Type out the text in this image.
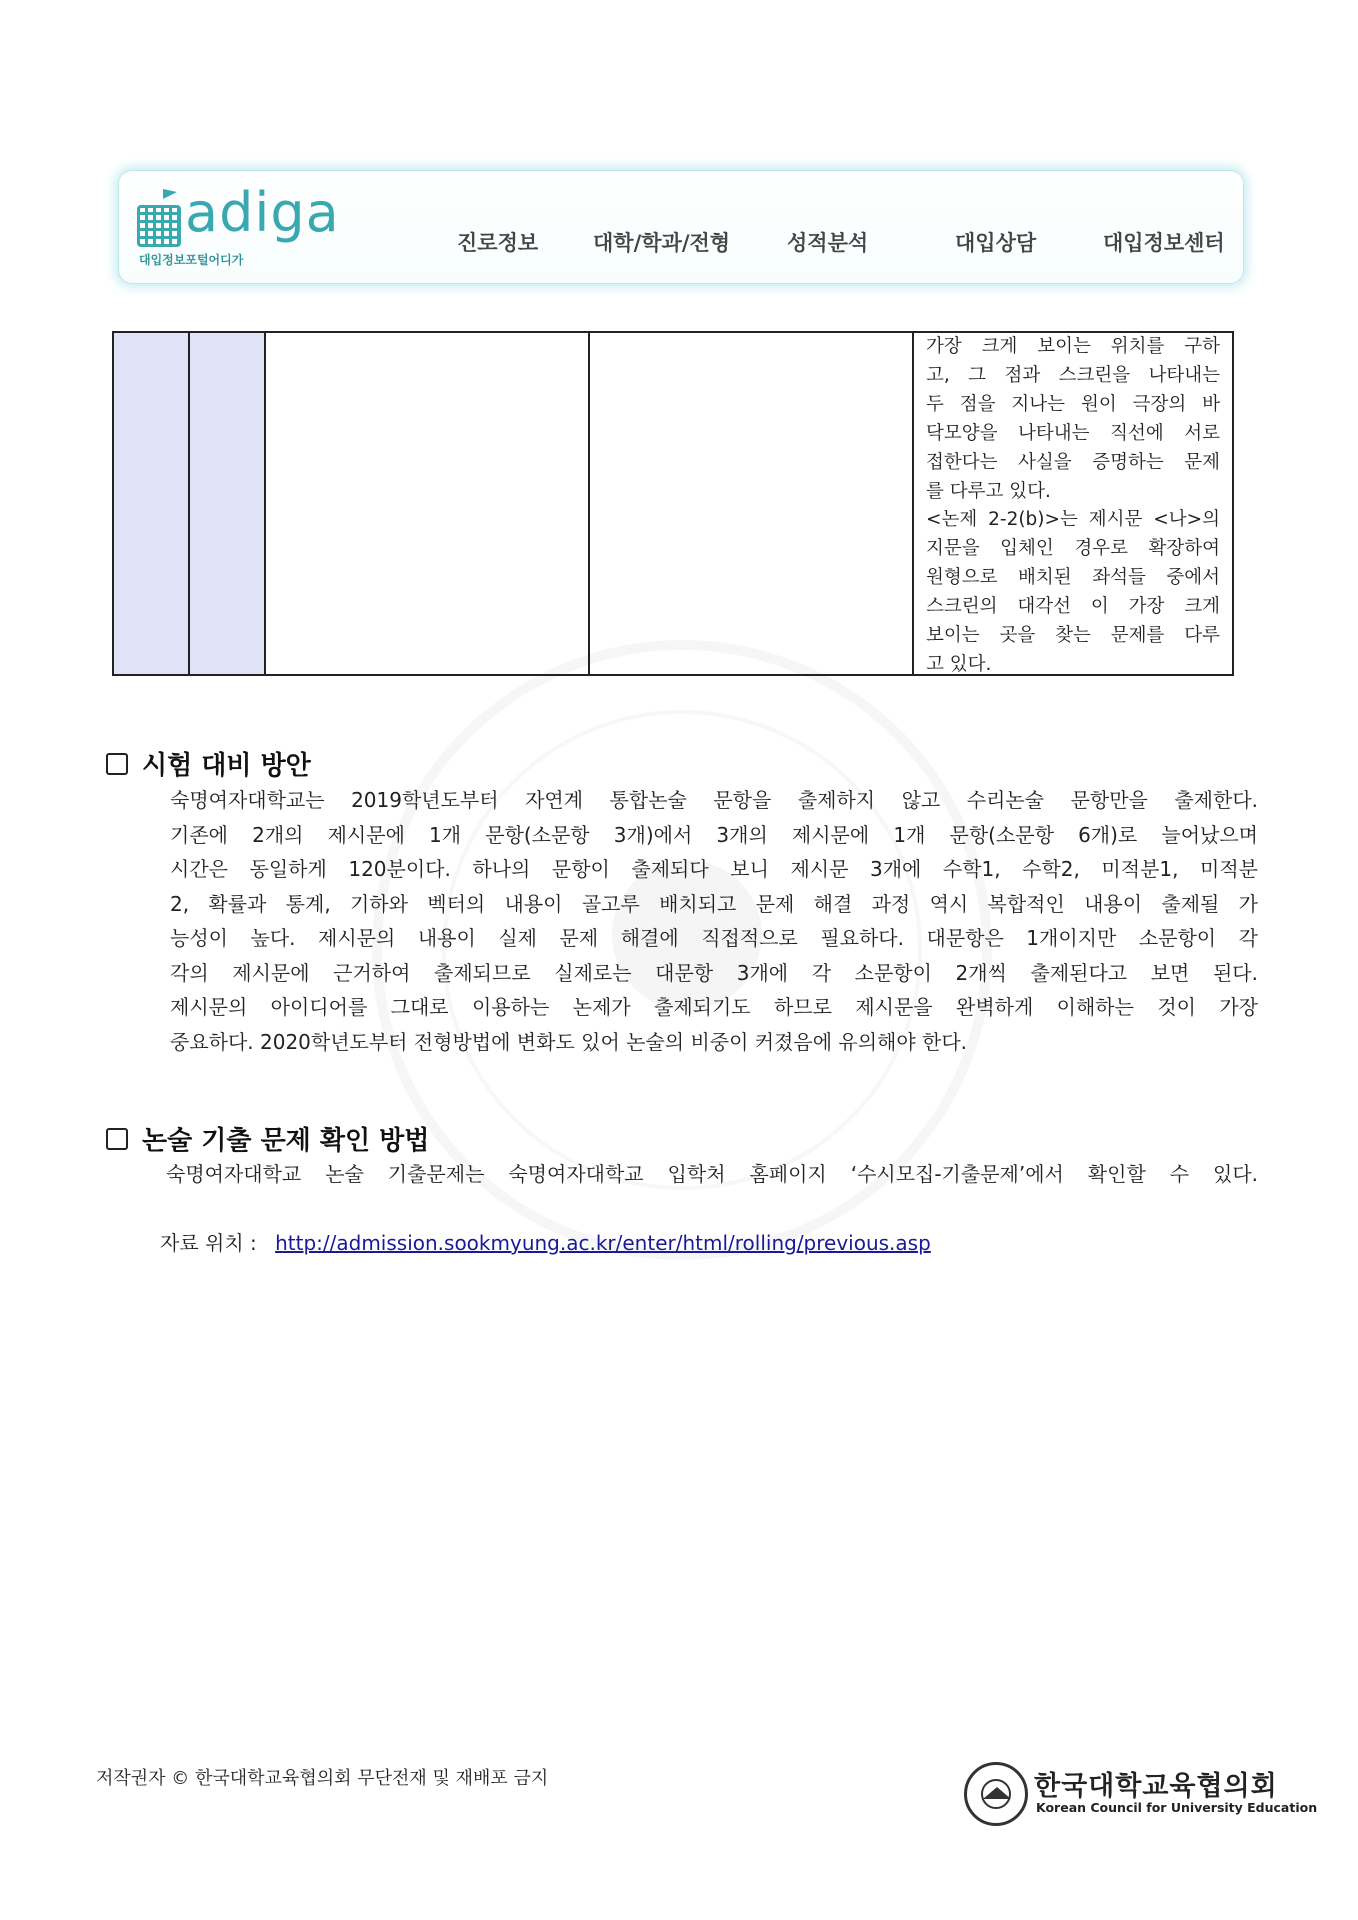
adiga
대입정보포털어디가
진로정보	대학/학과/전형	성적분석	대입상담	대입정보센터
가장 크게 보이는 위치를 구하
고, 그 점과 스크린을 나타내는
두 점을 지나는 원이 극장의 바
닥모양을 나타내는 직선에 서로
접한다는 사실을 증명하는 문제
를 다루고 있다.
<논제 2-2(b)>는 제시문 <나>의
지문을 입체인 경우로 확장하여
원형으로 배치된 좌석들 중에서
스크린의 대각선 이 가장 크게
보이는 곳을 찾는 문제를 다루
고 있다.
시험 대비 방안
숙명여자대학교는 2019학년도부터 자연계 통합논술 문항을 출제하지 않고 수리논술 문항만을 출제한다.
기존에 2개의 제시문에 1개 문항(소문항 3개)에서 3개의 제시문에 1개 문항(소문항 6개)로 늘어났으며
시간은 동일하게 120분이다. 하나의 문항이 출제되다 보니 제시문 3개에 수학1, 수학2, 미적분1, 미적분
2, 확률과 통계, 기하와 벡터의 내용이 골고루 배치되고 문제 해결 과정 역시 복합적인 내용이 출제될 가
능성이 높다. 제시문의 내용이 실제 문제 해결에 직접적으로 필요하다. 대문항은 1개이지만 소문항이 각
각의 제시문에 근거하여 출제되므로 실제로는 대문항 3개에 각 소문항이 2개씩 출제된다고 보면 된다.
제시문의 아이디어를 그대로 이용하는 논제가 출제되기도 하므로 제시문을 완벽하게 이해하는 것이 가장
중요하다. 2020학년도부터 전형방법에 변화도 있어 논술의 비중이 커졌음에 유의해야 한다.
논술 기출 문제 확인 방법
숙명여자대학교 논술 기출문제는 숙명여자대학교 입학처 홈페이지 ‘수시모집-기출문제’에서 확인할 수 있다.
자료 위치 : http://admission.sookmyung.ac.kr/enter/html/rolling/previous.asp
저작권자 © 한국대학교육협의회 무단전재 및 재배포 금지	한국대학교육협의회
Korean Council for University Education
